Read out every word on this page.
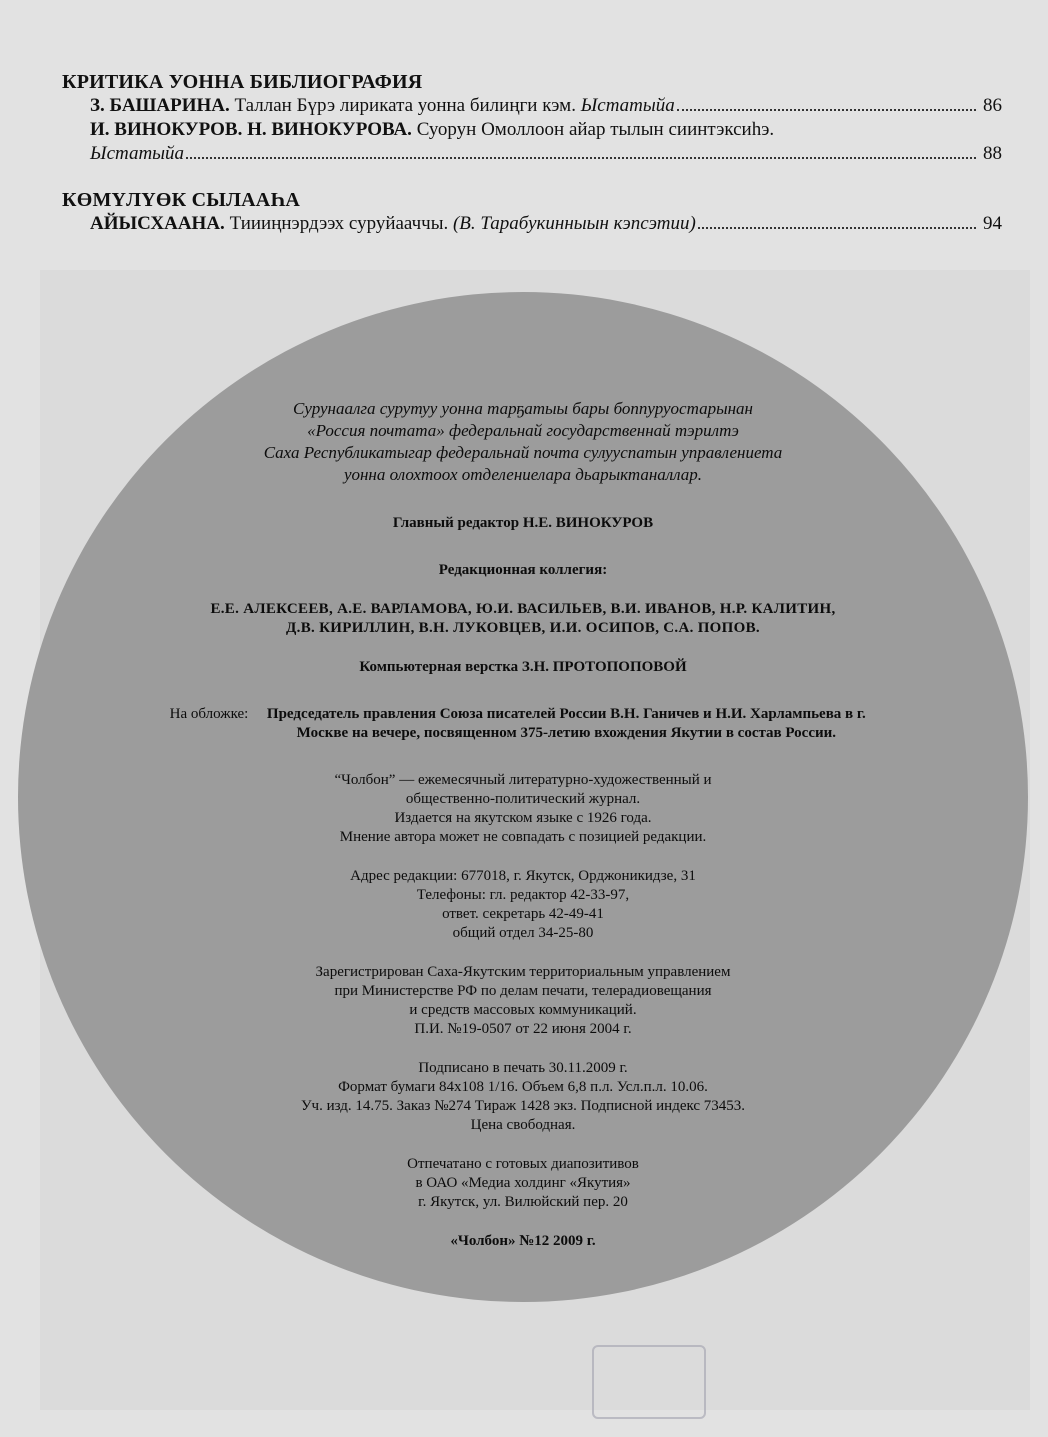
КРИТИКА УОННА БИБЛИОГРАФИЯ
З. БАШАРИНА. Таллан Бүрэ лириката уонна билиңги кэм. Ыстатыйа	86
И. ВИНОКУРОВ. Н. ВИНОКУРОВА. Суорун Омоллоон айар тылын сиинтэксиһэ.
Ыстатыйа	88
КӨМҮЛҮӨК СЫЛААҺА
АЙЫСХААНА. Тиииңнэрдээх суруйааччы. (В. Тарабукинныын кэпсэтии)	94
Сурунаалга сурутуу уонна тарҕатыы бары боппуруостарынан
«Россия почтата» федеральнай государственнай тэрилтэ
Саха Республикатыгар федеральнай почта сулууспатын управлениета
уонна олохтоох отделениелара дьарыктаналлар.
Главный редактор Н.Е. ВИНОКУРОВ
Редакционная коллегия:
Е.Е. АЛЕКСЕЕВ, А.Е. ВАРЛАМОВА, Ю.И. ВАСИЛЬЕВ, В.И. ИВАНОВ, Н.Р. КАЛИТИН,
Д.В. КИРИЛЛИН, В.Н. ЛУКОВЦЕВ, И.И. ОСИПОВ, С.А. ПОПОВ.
Компьютерная верстка З.Н. ПРОТОПОПОВОЙ
На обложке:	Председатель правления Союза писателей России В.Н. Ганичев и Н.И. Харлампьева в г. Москве на вечере, посвященном 375-летию вхождения Якутии в состав России.
“Чолбон” — ежемесячный литературно-художественный и
общественно-политический журнал.
Издается на якутском языке с 1926 года.
Мнение автора может не совпадать с позицией редакции.
Адрес редакции: 677018, г. Якутск, Орджоникидзе, 31
Телефоны: гл. редактор 42-33-97,
ответ. секретарь 42-49-41
общий отдел 34-25-80
Зарегистрирован Саха-Якутским территориальным управлением
при Министерстве РФ по делам печати, телерадиовещания
и средств массовых коммуникаций.
П.И. №19-0507 от 22 июня 2004 г.
Подписано в печать 30.11.2009 г.
Формат бумаги 84х108 1/16. Объем 6,8 п.л. Усл.п.л. 10.06.
Уч. изд. 14.75. Заказ №274 Тираж 1428 экз. Подписной индекс 73453.
Цена свободная.
Отпечатано с готовых диапозитивов
в ОАО «Медиа холдинг «Якутия»
г. Якутск, ул. Вилюйский пер. 20
«Чолбон» №12 2009 г.
